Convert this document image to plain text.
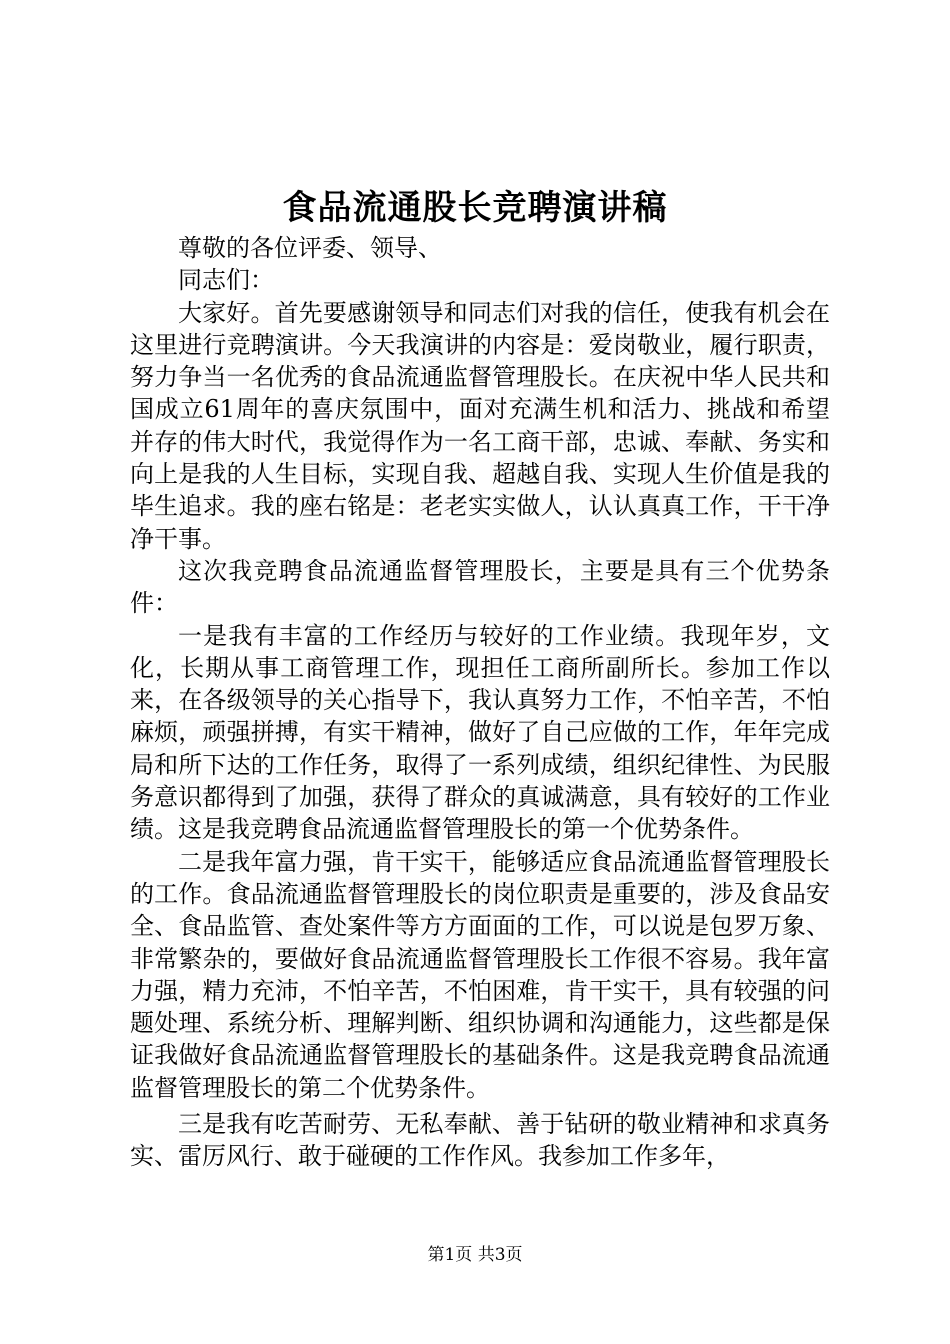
食品流通股长竞聘演讲稿

尊敬的各位评委、领导、

同志们：

大家好。首先要感谢领导和同志们对我的信任，使我有机会在这里进行竞聘演讲。今天我演讲的内容是：爱岗敬业，履行职责，努力争当一名优秀的食品流通监督管理股长。在庆祝中华人民共和国成立61周年的喜庆氛围中，面对充满生机和活力、挑战和希望并存的伟大时代，我觉得作为一名工商干部，忠诚、奉献、务实和向上是我的人生目标，实现自我、超越自我、实现人生价值是我的毕生追求。我的座右铭是：老老实实做人，认认真真工作，干干净净干事。

这次我竞聘食品流通监督管理股长，主要是具有三个优势条件：

一是我有丰富的工作经历与较好的工作业绩。我现年岁，文化，长期从事工商管理工作，现担任工商所副所长。参加工作以来，在各级领导的关心指导下，我认真努力工作，不怕辛苦，不怕麻烦，顽强拼搏，有实干精神，做好了自己应做的工作，年年完成局和所下达的工作任务，取得了一系列成绩，组织纪律性、为民服务意识都得到了加强，获得了群众的真诚满意，具有较好的工作业绩。这是我竞聘食品流通监督管理股长的第一个优势条件。

二是我年富力强，肯干实干，能够适应食品流通监督管理股长的工作。食品流通监督管理股长的岗位职责是重要的，涉及食品安全、食品监管、查处案件等方方面面的工作，可以说是包罗万象、非常繁杂的，要做好食品流通监督管理股长工作很不容易。我年富力强，精力充沛，不怕辛苦，不怕困难，肯干实干，具有较强的问题处理、系统分析、理解判断、组织协调和沟通能力，这些都是保证我做好食品流通监督管理股长的基础条件。这是我竞聘食品流通监督管理股长的第二个优势条件。

三是我有吃苦耐劳、无私奉献、善于钻研的敬业精神和求真务实、雷厉风行、敢于碰硬的工作作风。我参加工作多年，

第1页 共3页
